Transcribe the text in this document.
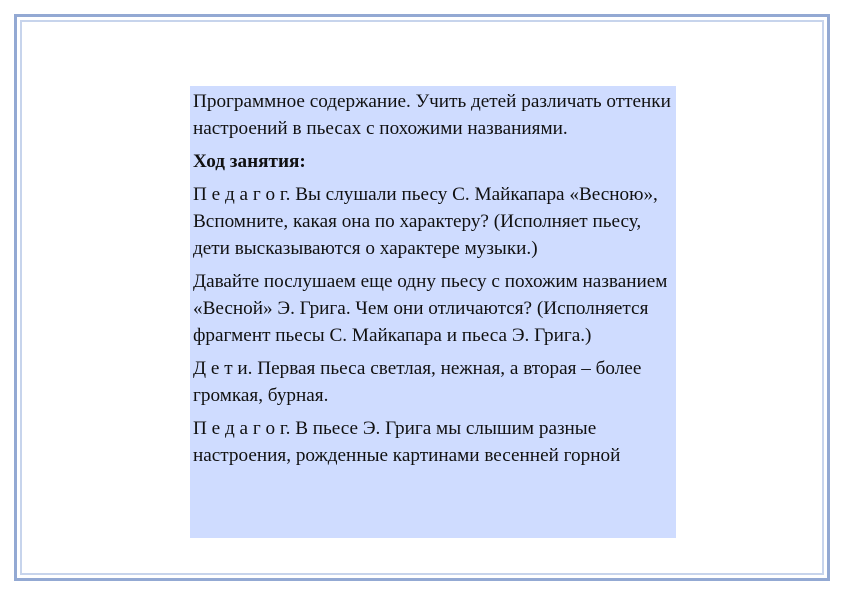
Программное содержание. Учить детей различать оттенки настроений в пьесах с похожими названиями.

Ход занятия:

П е д а г о г. Вы слушали пьесу С. Майкапара «Весною», Вспомните, какая она по характеру? (Исполняет пьесу, дети высказываются о характере музыки.)

Давайте послушаем еще одну пьесу с похожим названием «Весной» Э. Грига. Чем они отличаются? (Исполняется фрагмент пьесы С. Майкапара и пьеса Э. Грига.)

Д е т и. Первая пьеса светлая, нежная, а вторая – более громкая, бурная.

П е д а г о г. В пьесе Э. Грига мы слышим разные настроения, рожденные картинами весенней горной
